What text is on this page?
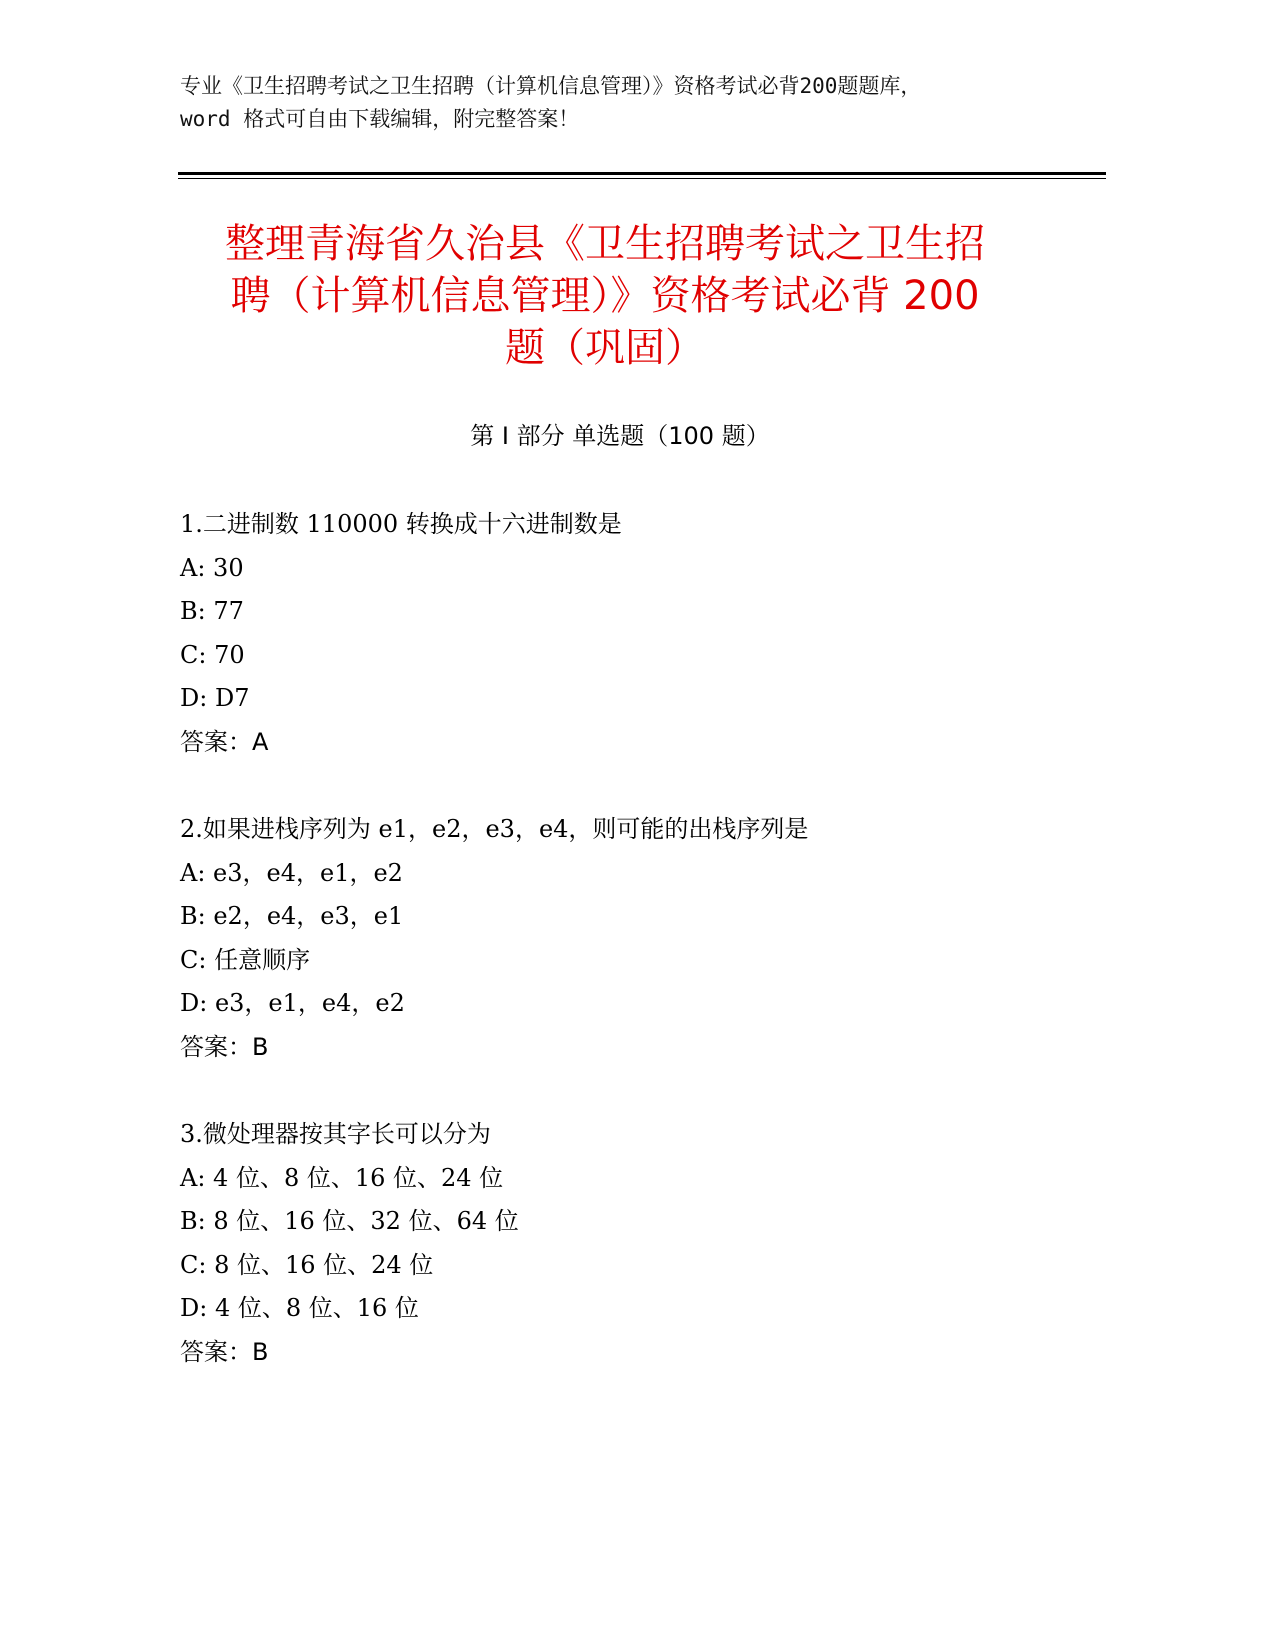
专业《卫生招聘考试之卫生招聘（计算机信息管理）》资格考试必背200题题库，
word 格式可自由下载编辑，附完整答案！
整理青海省久治县《卫生招聘考试之卫生招
聘（计算机信息管理）》资格考试必背 200
题（巩固）
第 I 部分 单选题（100 题）
1.二进制数 110000 转换成十六进制数是
A: 30
B: 77
C: 70
D: D7
答案：A
2.如果进栈序列为 e1，e2，e3，e4，则可能的出栈序列是
A: e3，e4，e1，e2
B: e2，e4，e3，e1
C: 任意顺序
D: e3，e1，e4，e2
答案：B
3.微处理器按其字长可以分为
A: 4 位、8 位、16 位、24 位
B: 8 位、16 位、32 位、64 位
C: 8 位、16 位、24 位
D: 4 位、8 位、16 位
答案：B
